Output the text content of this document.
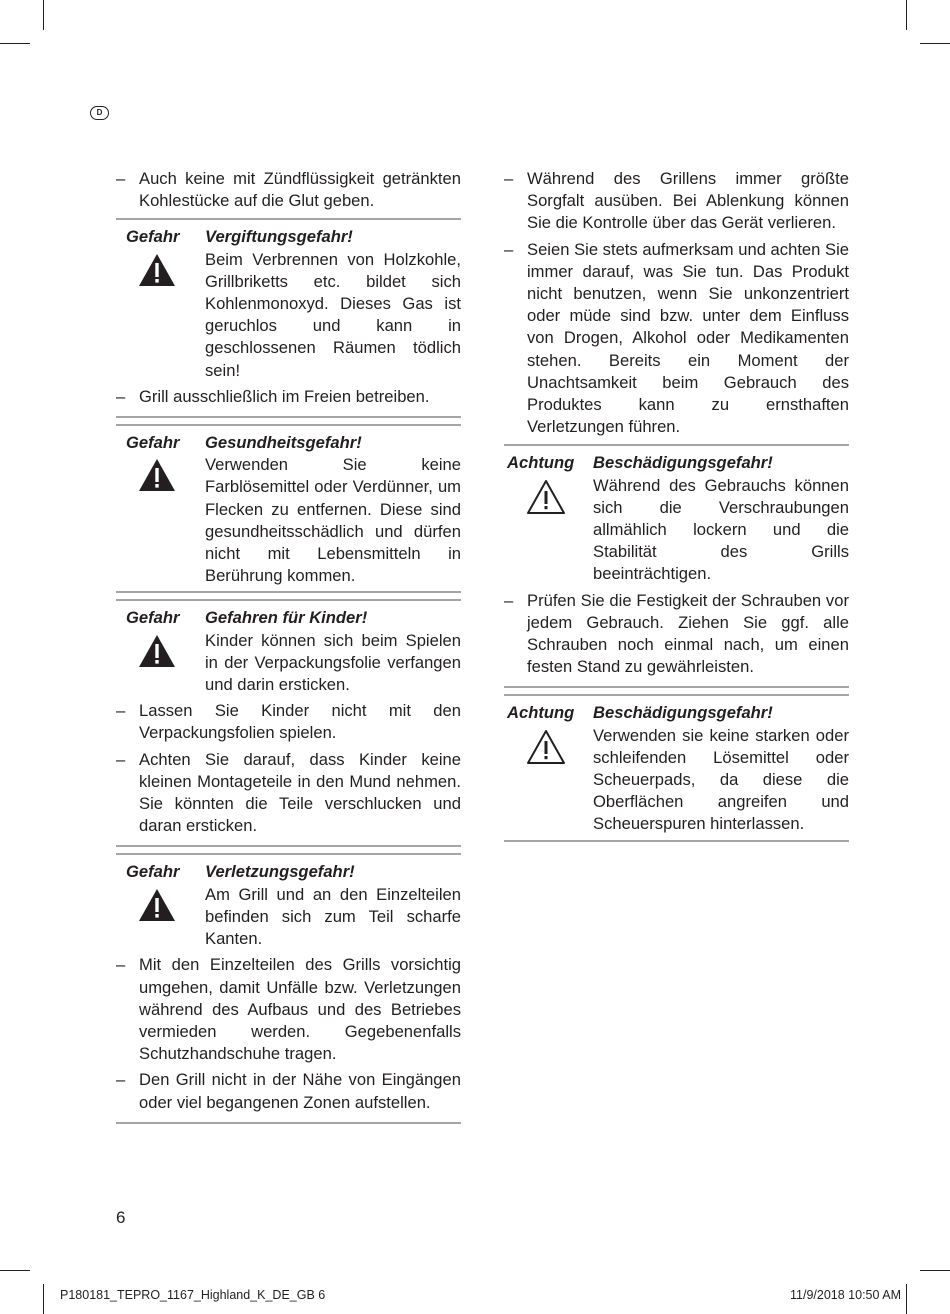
D
– Auch keine mit Zündflüssigkeit getränkten Kohlestücke auf die Glut geben.
Gefahr	Vergiftungsgefahr!
Beim Verbrennen von Holzkohle, Grillbriketts etc. bildet sich Kohlenmonoxyd. Dieses Gas ist geruchlos und kann in geschlossenen Räumen tödlich sein!
– Grill ausschließlich im Freien betreiben.
Gefahr	Gesundheitsgefahr!
Verwenden Sie keine Farblösemittel oder Verdünner, um Flecken zu entfernen. Diese sind gesundheitsschädlich und dürfen nicht mit Lebensmitteln in Berührung kommen.
Gefahr	Gefahren für Kinder!
Kinder können sich beim Spielen in der Verpackungsfolie verfangen und darin ersticken.
– Lassen Sie Kinder nicht mit den Verpackungsfolien spielen.
– Achten Sie darauf, dass Kinder keine kleinen Montageteile in den Mund nehmen. Sie könnten die Teile verschlucken und daran ersticken.
Gefahr	Verletzungsgefahr!
Am Grill und an den Einzelteilen befinden sich zum Teil scharfe Kanten.
– Mit den Einzelteilen des Grills vorsichtig umgehen, damit Unfälle bzw. Verletzungen während des Aufbaus und des Betriebes vermieden werden. Gegebenenfalls Schutzhandschuhe tragen.
– Den Grill nicht in der Nähe von Eingängen oder viel begangenen Zonen aufstellen.
– Während des Grillens immer größte Sorgfalt ausüben. Bei Ablenkung können Sie die Kontrolle über das Gerät verlieren.
– Seien Sie stets aufmerksam und achten Sie immer darauf, was Sie tun. Das Produkt nicht benutzen, wenn Sie unkonzentriert oder müde sind bzw. unter dem Einfluss von Drogen, Alkohol oder Medikamenten stehen. Bereits ein Moment der Unachtsamkeit beim Gebrauch des Produktes kann zu ernsthaften Verletzungen führen.
Achtung	Beschädigungsgefahr!
Während des Gebrauchs können sich die Verschraubungen allmählich lockern und die Stabilität des Grills beeinträchtigen.
– Prüfen Sie die Festigkeit der Schrauben vor jedem Gebrauch. Ziehen Sie ggf. alle Schrauben noch einmal nach, um einen festen Stand zu gewährleisten.
Achtung	Beschädigungsgefahr!
Verwenden sie keine starken oder schleifenden Lösemittel oder Scheuerpads, da diese die Oberflächen angreifen und Scheuerspuren hinterlassen.
6
P180181_TEPRO_1167_Highland_K_DE_GB 6	11/9/2018 10:50 AM
